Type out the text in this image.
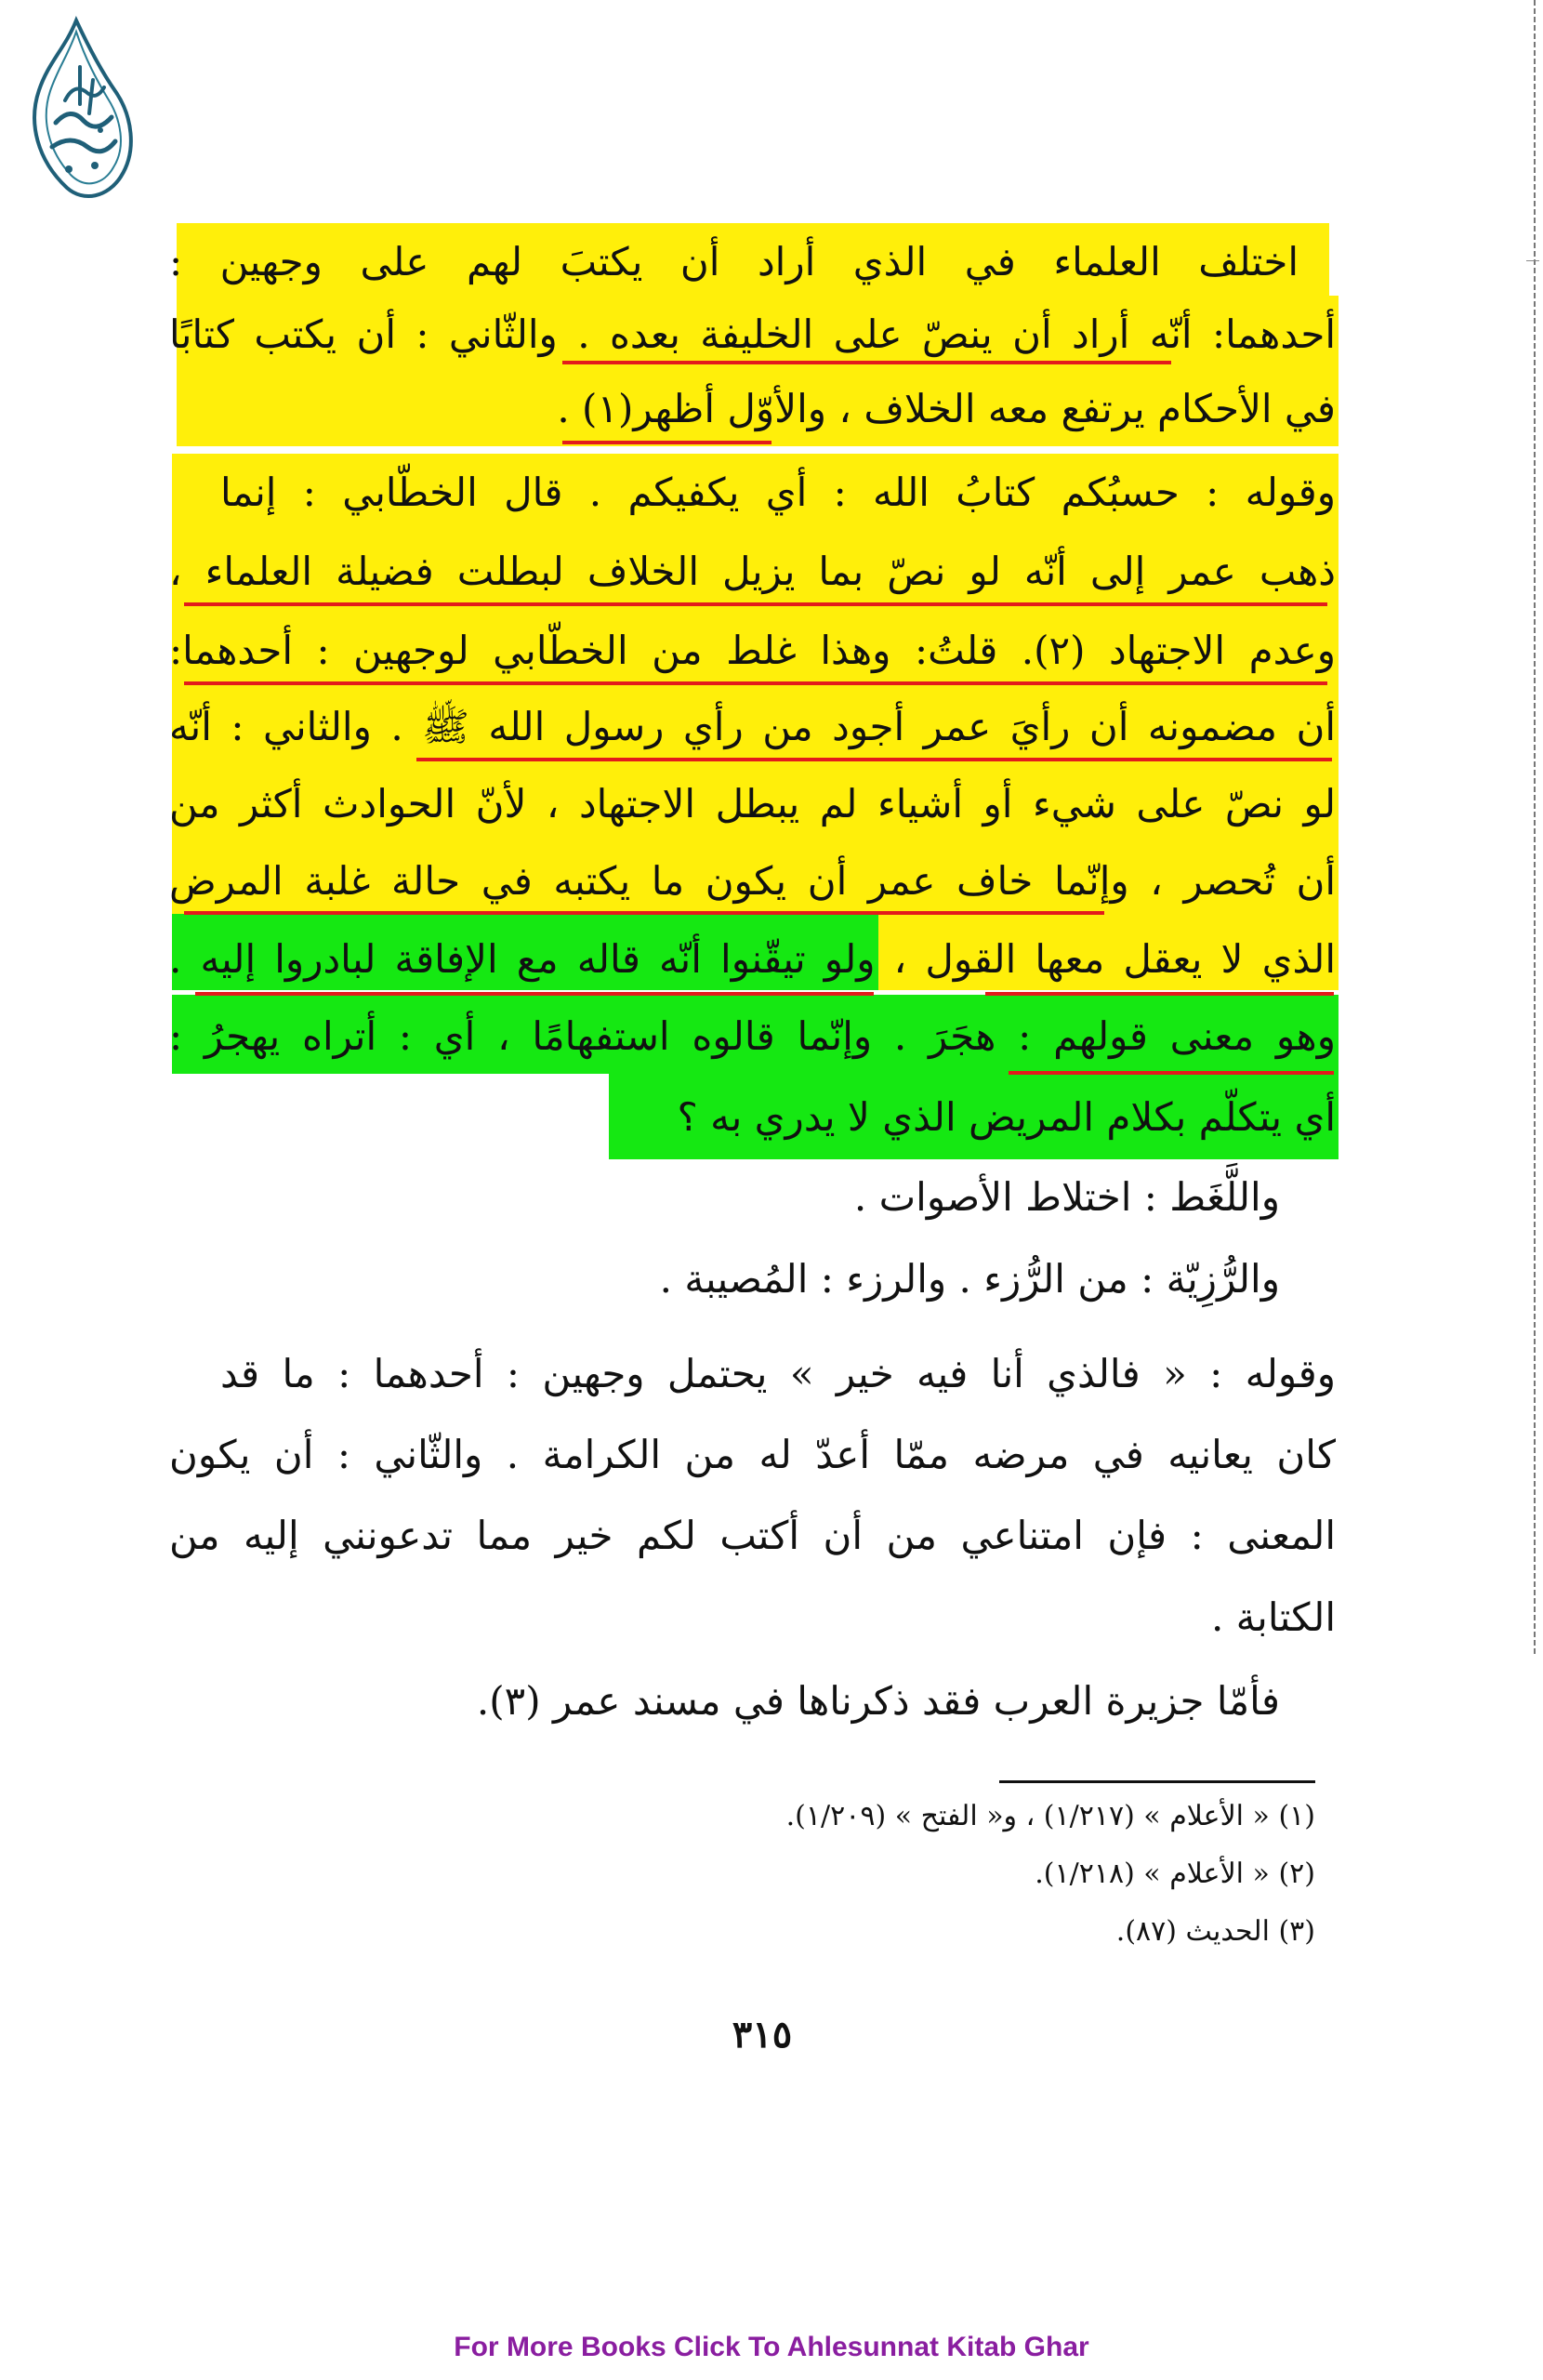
اختلف العلماء في الذي أراد أن يكتبَ لهم على وجهين :
أحدهما: أنّه أراد أن ينصّ على الخليفة بعده . والثّاني : أن يكتب كتابًا
في الأحكام يرتفع معه الخلاف ، والأوّل أظهر(١) .
وقوله : حسبُكم كتابُ الله : أي يكفيكم . قال الخطّابي : إنما
ذهب عمر إلى أنّه لو نصّ بما يزيل الخلاف لبطلت فضيلة العلماء ،
وعدم الاجتهاد (٢). قلتُ: وهذا غلط من الخطّابي لوجهين : أحدهما:
أن مضمونه أن رأيَ عمر أجود من رأي رسول الله ﷺ . والثاني : أنّه
لو نصّ على شيء أو أشياء لم يبطل الاجتهاد ، لأنّ الحوادث أكثر من
أن تُحصر ، وإنّما خاف عمر أن يكون ما يكتبه في حالة غلبة المرض
الذي لا يعقل معها القول ، ولو تيقّنوا أنّه قاله مع الإفاقة لبادروا إليه .
وهو معنى قولهم : هجَرَ . وإنّما قالوه استفهامًا ، أي : أتراه يهجرُ :
أي يتكلّم بكلام المريض الذي لا يدري به ؟
واللَّغَط : اختلاط الأصوات .
والرُّزِيّة : من الرُّزء . والرزء : المُصيبة .
وقوله : « فالذي أنا فيه خير » يحتمل وجهين : أحدهما : ما قد
كان يعانيه في مرضه ممّا أعدّ له من الكرامة . والثّاني : أن يكون
المعنى : فإن امتناعي من أن أكتب لكم خير مما تدعونني إليه من
الكتابة .
فأمّا جزيرة العرب فقد ذكرناها في مسند عمر (٣).
(١) « الأعلام » (١/٢١٧) ، و« الفتح » (١/٢٠٩).
(٢) « الأعلام » (١/٢١٨).
(٣) الحديث (٨٧).
٣١٥
For More Books Click To Ahlesunnat Kitab Ghar
